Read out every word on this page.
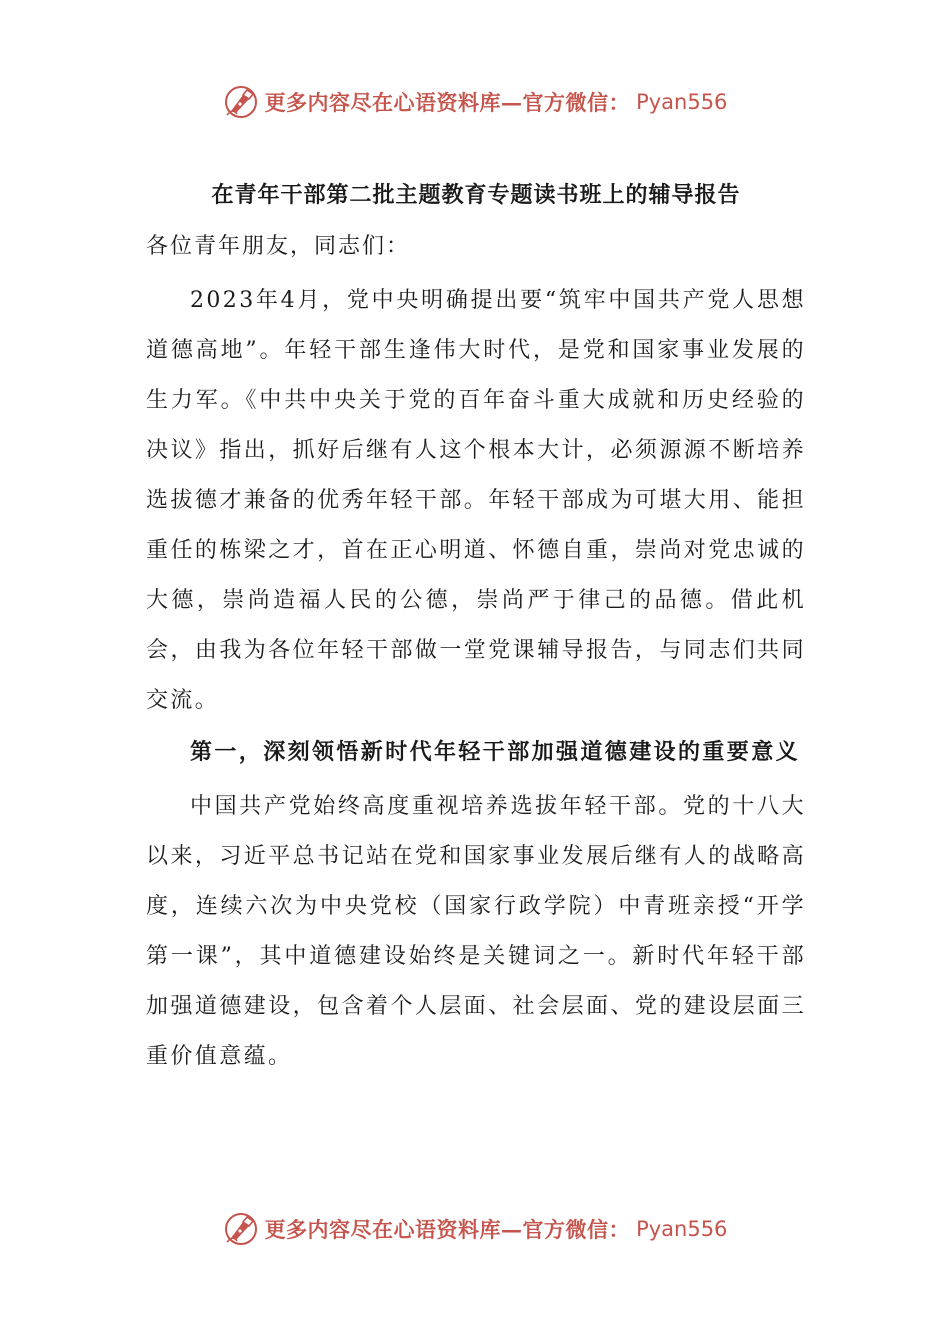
更多内容尽在心语资料库—官方微信： Pyan556
在青年干部第二批主题教育专题读书班上的辅导报告

各位青年朋友，同志们：

2023年4月，党中央明确提出要“筑牢中国共产党人思想道德高地”。年轻干部生逢伟大时代，是党和国家事业发展的生力军。《中共中央关于党的百年奋斗重大成就和历史经验的决议》指出，抓好后继有人这个根本大计，必须源源不断培养选拔德才兼备的优秀年轻干部。年轻干部成为可堪大用、能担重任的栋梁之才，首在正心明道、怀德自重，崇尚对党忠诚的大德，崇尚造福人民的公德，崇尚严于律己的品德。借此机会，由我为各位年轻干部做一堂党课辅导报告，与同志们共同交流。

第一，深刻领悟新时代年轻干部加强道德建设的重要意义

中国共产党始终高度重视培养选拔年轻干部。党的十八大以来，习近平总书记站在党和国家事业发展后继有人的战略高度，连续六次为中央党校（国家行政学院）中青班亲授“开学第一课”，其中道德建设始终是关键词之一。新时代年轻干部加强道德建设，包含着个人层面、社会层面、党的建设层面三重价值意蕴。

更多内容尽在心语资料库—官方微信： Pyan556
